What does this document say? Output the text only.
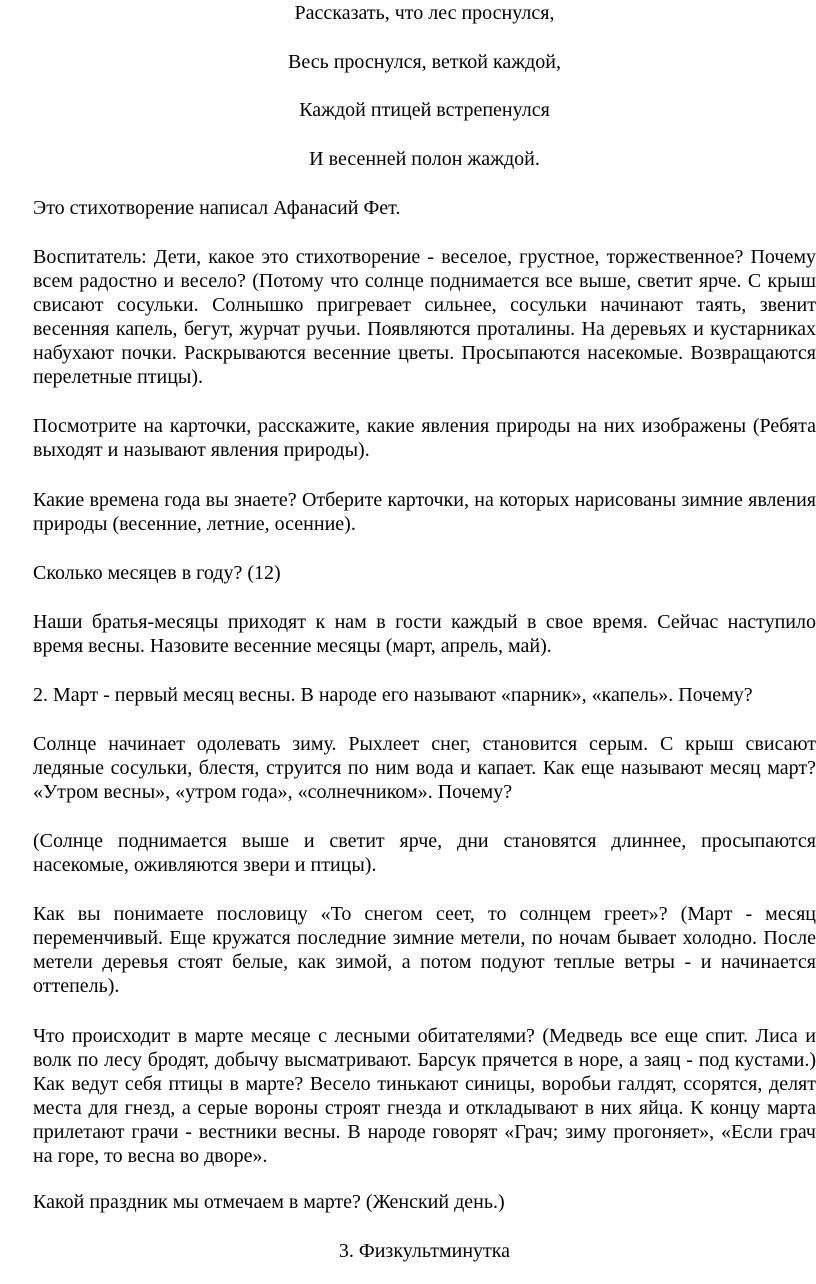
Рассказать, что лес проснулся,

Весь проснулся, веткой каждой,

Каждой птицей встрепенулся

И весенней полон жаждой.

Это стихотворение написал Афанасий Фет.

Воспитатель: Дети, какое это стихотворение - веселое, грустное, торжественное? Почему всем радостно и весело? (Потому что солнце поднимается все выше, светит ярче. С крыш свисают сосульки. Солнышко пригревает сильнее, сосульки начинают таять, звенит весенняя капель, бегут, журчат ручьи. Появляются проталины. На деревьях и кустарниках набухают почки. Раскрываются весенние цветы. Просыпаются насекомые. Возвращаются перелетные птицы).

Посмотрите на карточки, расскажите, какие явления природы на них изображены (Ребята выходят и называют явления природы).

Какие времена года вы знаете? Отберите карточки, на которых нарисованы зимние явления природы (весенние, летние, осенние).

Сколько месяцев в году? (12)

Наши братья-месяцы приходят к нам в гости каждый в свое время. Сейчас наступило время весны. Назовите весенние месяцы (март, апрель, май).

2. Март - первый месяц весны. В народе его называют «парник», «капель». Почему?

Солнце начинает одолевать зиму. Рыхлеет снег, становится серым. С крыш свисают ледяные сосульки, блестя, струится по ним вода и капает. Как еще называют месяц март? «Утром весны», «утром года», «солнечником». Почему?

(Солнце поднимается выше и светит ярче, дни становятся длиннее, просыпаются насекомые, оживляются звери и птицы).

Как вы понимаете пословицу «То снегом сеет, то солнцем греет»? (Март - месяц переменчивый. Еще кружатся последние зимние метели, по ночам бывает холодно. После метели деревья стоят белые, как зимой, а потом подуют теплые ветры - и начинается оттепель).

Что происходит в марте месяце с лесными обитателями? (Медведь все еще спит. Лиса и волк по лесу бродят, добычу высматривают. Барсук прячется в норе, а заяц - под кустами.) Как ведут себя птицы в марте? Весело тинькают синицы, воробьи галдят, ссорятся, делят места для гнезд, а серые вороны строят гнезда и откладывают в них яйца. К концу марта прилетают грачи - вестники весны. В народе говорят «Грач; зиму прогоняет», «Если грач на горе, то весна во дворе».

Какой праздник мы отмечаем в марте? (Женский день.)

3. Физкультминутка
